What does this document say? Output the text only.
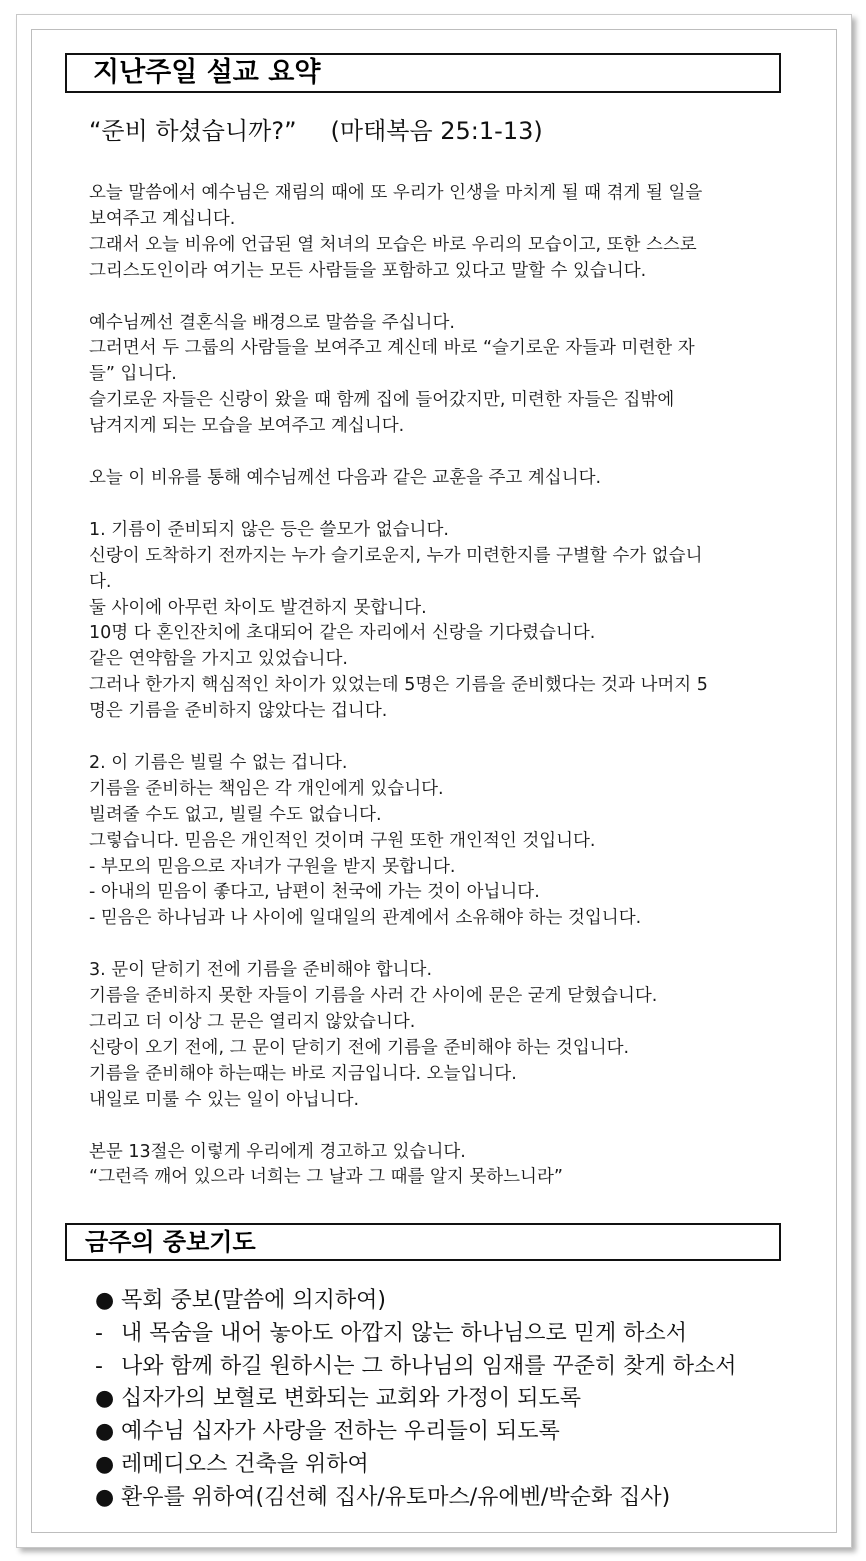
지난주일 설교 요약
“준비 하셨습니까?” (마태복음 25:1-13)

오늘 말씀에서 예수님은 재림의 때에 또 우리가 인생을 마치게 될 때 겪게 될 일을

보여주고 계십니다.

그래서 오늘 비유에 언급된 열 처녀의 모습은 바로 우리의 모습이고, 또한 스스로

그리스도인이라 여기는 모든 사람들을 포함하고 있다고 말할 수 있습니다.

예수님께선 결혼식을 배경으로 말씀을 주십니다.

그러면서 두 그룹의 사람들을 보여주고 계신데 바로 “슬기로운 자들과 미련한 자

들” 입니다.

슬기로운 자들은 신랑이 왔을 때 함께 집에 들어갔지만, 미련한 자들은 집밖에

남겨지게 되는 모습을 보여주고 계십니다.

오늘 이 비유를 통해 예수님께선 다음과 같은 교훈을 주고 계십니다.

1. 기름이 준비되지 않은 등은 쓸모가 없습니다.

신랑이 도착하기 전까지는 누가 슬기로운지, 누가 미련한지를 구별할 수가 없습니

다.

둘 사이에 아무런 차이도 발견하지 못합니다.

10명 다 혼인잔치에 초대되어 같은 자리에서 신랑을 기다렸습니다.

같은 연약함을 가지고 있었습니다.

그러나 한가지 핵심적인 차이가 있었는데 5명은 기름을 준비했다는 것과 나머지 5

명은 기름을 준비하지 않았다는 겁니다.

2. 이 기름은 빌릴 수 없는 겁니다.

기름을 준비하는 책임은 각 개인에게 있습니다.

빌려줄 수도 없고, 빌릴 수도 없습니다.

그렇습니다. 믿음은 개인적인 것이며 구원 또한 개인적인 것입니다.

- 부모의 믿음으로 자녀가 구원을 받지 못합니다.

- 아내의 믿음이 좋다고, 남편이 천국에 가는 것이 아닙니다.

- 믿음은 하나님과 나 사이에 일대일의 관계에서 소유해야 하는 것입니다.

3. 문이 닫히기 전에 기름을 준비해야 합니다.

기름을 준비하지 못한 자들이 기름을 사러 간 사이에 문은 굳게 닫혔습니다.

그리고 더 이상 그 문은 열리지 않았습니다.

신랑이 오기 전에, 그 문이 닫히기 전에 기름을 준비해야 하는 것입니다.

기름을 준비해야 하는때는 바로 지금입니다. 오늘입니다.

내일로 미룰 수 있는 일이 아닙니다.

본문 13절은 이렇게 우리에게 경고하고 있습니다.

“그런즉 깨어 있으라 너희는 그 날과 그 때를 알지 못하느니라”

금주의 중보기도
● 목회 중보(말씀에 의지하여)
- 내 목숨을 내어 놓아도 아깝지 않는 하나님으로 믿게 하소서
- 나와 함께 하길 원하시는 그 하나님의 임재를 꾸준히 찾게 하소서
● 십자가의 보혈로 변화되는 교회와 가정이 되도록
● 예수님 십자가 사랑을 전하는 우리들이 되도록
● 레메디오스 건축을 위하여
● 환우를 위하여(김선혜 집사/유토마스/유에벤/박순화 집사)
